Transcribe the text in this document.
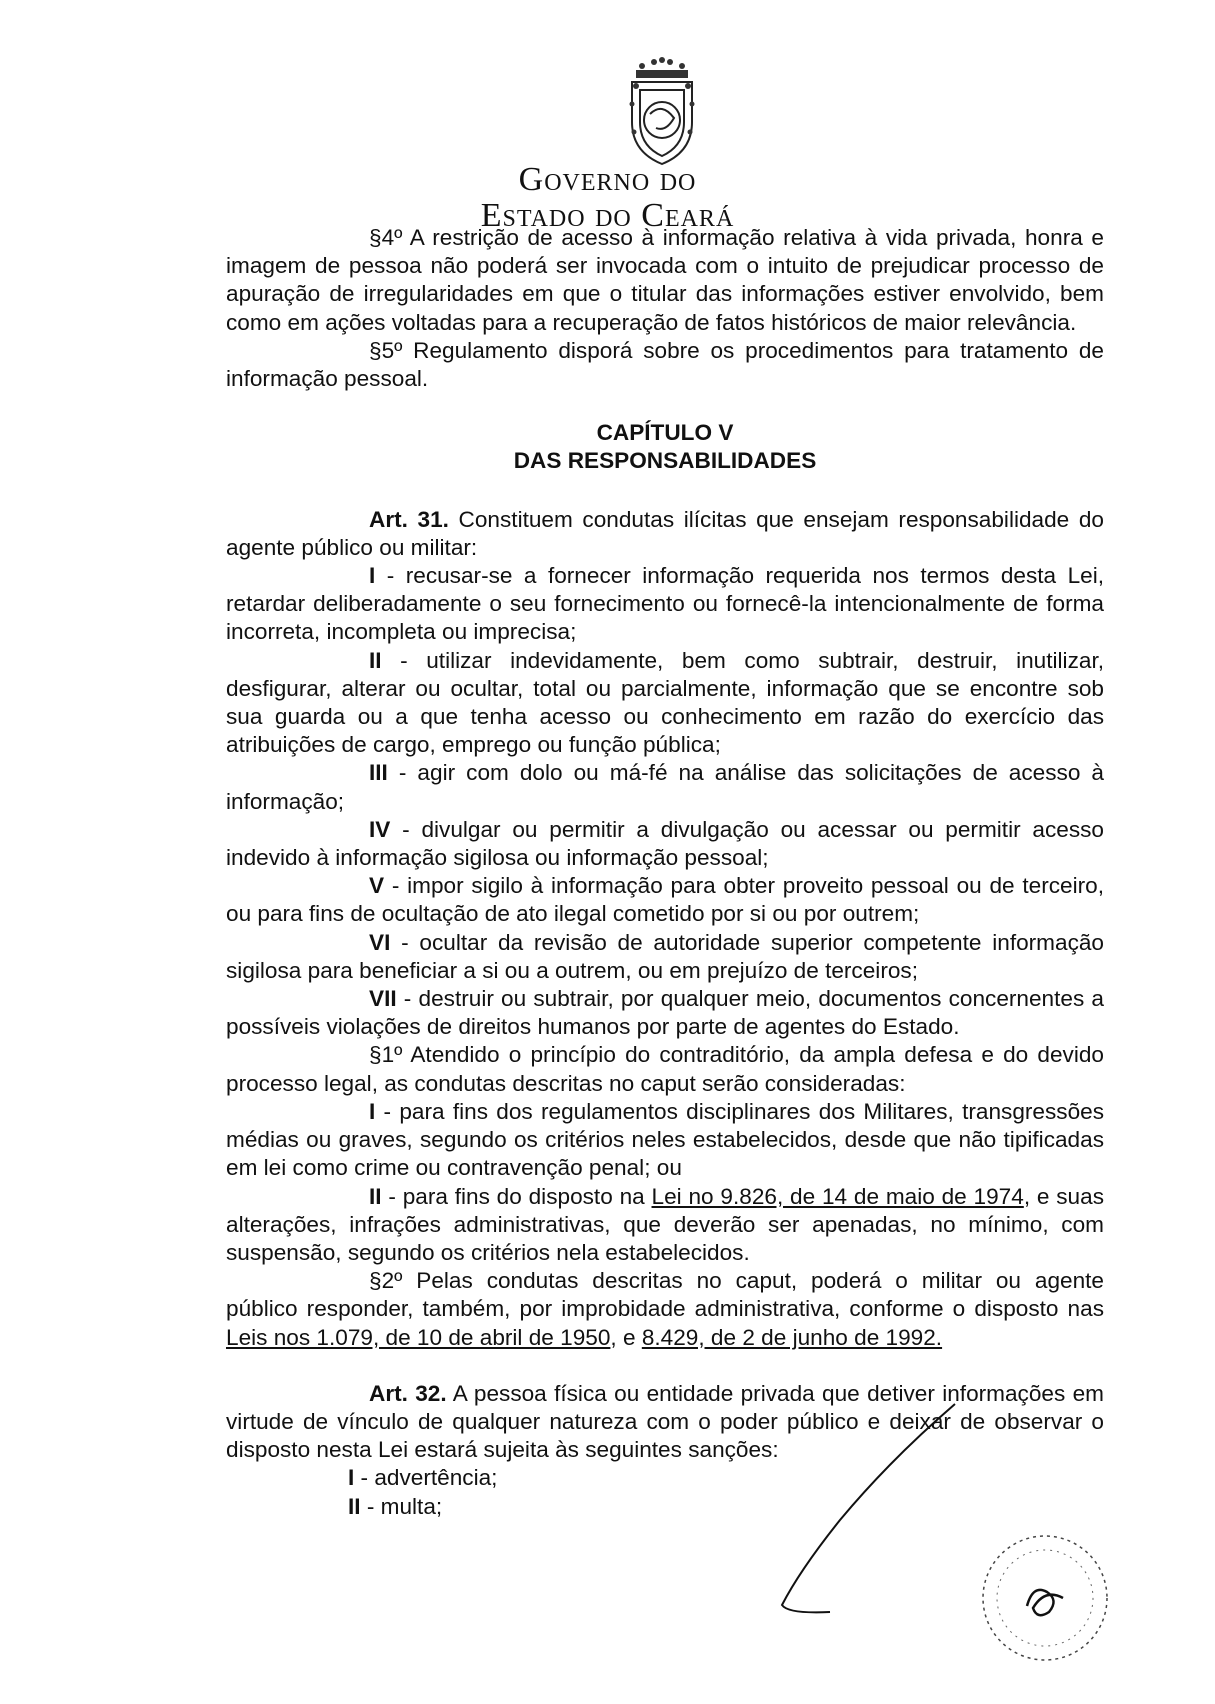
GOVERNO DO
ESTADO DO CEARÁ

§4º A restrição de acesso à informação relativa à vida privada, honra e imagem de pessoa não poderá ser invocada com o intuito de prejudicar processo de apuração de irregularidades em que o titular das informações estiver envolvido, bem como em ações voltadas para a recuperação de fatos históricos de maior relevância.

§5º Regulamento disporá sobre os procedimentos para tratamento de informação pessoal.

CAPÍTULO V

DAS RESPONSABILIDADES

Art. 31. Constituem condutas ilícitas que ensejam responsabilidade do agente público ou militar:

I - recusar-se a fornecer informação requerida nos termos desta Lei, retardar deliberadamente o seu fornecimento ou fornecê-la intencionalmente de forma incorreta, incompleta ou imprecisa;

II - utilizar indevidamente, bem como subtrair, destruir, inutilizar, desfigurar, alterar ou ocultar, total ou parcialmente, informação que se encontre sob sua guarda ou a que tenha acesso ou conhecimento em razão do exercício das atribuições de cargo, emprego ou função pública;

III - agir com dolo ou má-fé na análise das solicitações de acesso à informação;

IV - divulgar ou permitir a divulgação ou acessar ou permitir acesso indevido à informação sigilosa ou informação pessoal;

V - impor sigilo à informação para obter proveito pessoal ou de terceiro, ou para fins de ocultação de ato ilegal cometido por si ou por outrem;

VI - ocultar da revisão de autoridade superior competente informação sigilosa para beneficiar a si ou a outrem, ou em prejuízo de terceiros;

VII - destruir ou subtrair, por qualquer meio, documentos concernentes a possíveis violações de direitos humanos por parte de agentes do Estado.

§1º Atendido o princípio do contraditório, da ampla defesa e do devido processo legal, as condutas descritas no caput serão consideradas:

I - para fins dos regulamentos disciplinares dos Militares, transgressões médias ou graves, segundo os critérios neles estabelecidos, desde que não tipificadas em lei como crime ou contravenção penal; ou

II - para fins do disposto na Lei no 9.826, de 14 de maio de 1974, e suas alterações, infrações administrativas, que deverão ser apenadas, no mínimo, com suspensão, segundo os critérios nela estabelecidos.

§2º Pelas condutas descritas no caput, poderá o militar ou agente público responder, também, por improbidade administrativa, conforme o disposto nas Leis nos 1.079, de 10 de abril de 1950, e 8.429, de 2 de junho de 1992.

Art. 32. A pessoa física ou entidade privada que detiver informações em virtude de vínculo de qualquer natureza com o poder público e deixar de observar o disposto nesta Lei estará sujeita às seguintes sanções:

I - advertência;

II - multa;
